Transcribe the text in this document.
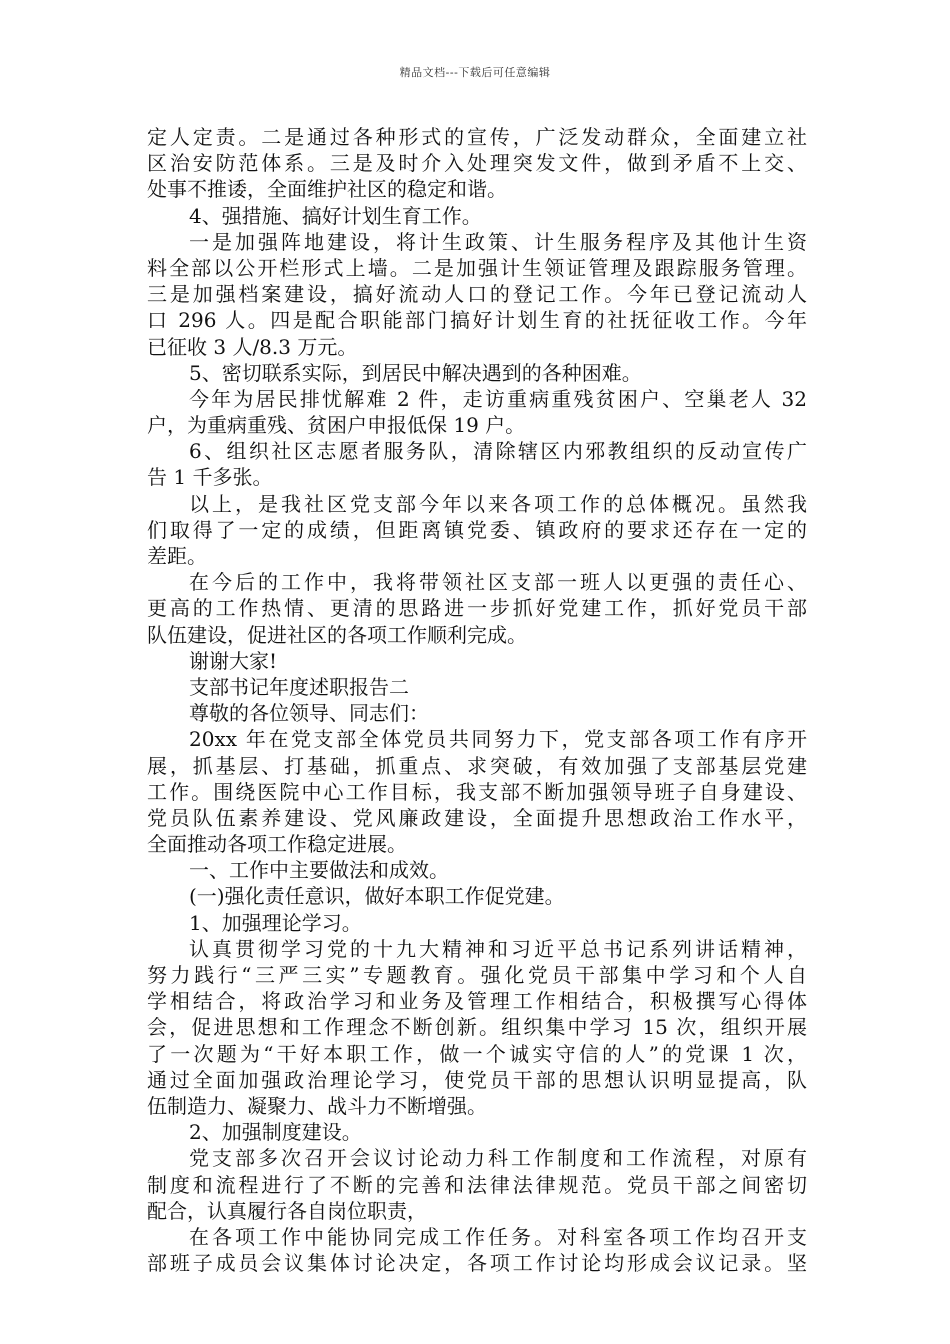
精品文档---下载后可任意编辑
定人定责。二是通过各种形式的宣传，广泛发动群众，全面建立社
区治安防范体系。三是及时介入处理突发文件，做到矛盾不上交、
处事不推诿，全面维护社区的稳定和谐。
4、强措施、搞好计划生育工作。
一是加强阵地建设，将计生政策、计生服务程序及其他计生资
料全部以公开栏形式上墙。二是加强计生领证管理及跟踪服务管理。
三是加强档案建设，搞好流动人口的登记工作。今年已登记流动人
口 296 人。四是配合职能部门搞好计划生育的社抚征收工作。今年
已征收 3 人/8.3 万元。
5、密切联系实际，到居民中解决遇到的各种困难。
今年为居民排忧解难 2 件，走访重病重残贫困户、空巢老人 32
户，为重病重残、贫困户申报低保 19 户。
6、组织社区志愿者服务队，清除辖区内邪教组织的反动宣传广
告 1 千多张。
以上，是我社区党支部今年以来各项工作的总体概况。虽然我
们取得了一定的成绩，但距离镇党委、镇政府的要求还存在一定的
差距。
在今后的工作中，我将带领社区支部一班人以更强的责任心、
更高的工作热情、更清的思路进一步抓好党建工作，抓好党员干部
队伍建设，促进社区的各项工作顺利完成。
谢谢大家!
支部书记年度述职报告二
尊敬的各位领导、同志们：
20xx 年在党支部全体党员共同努力下，党支部各项工作有序开
展，抓基层、打基础，抓重点、求突破，有效加强了支部基层党建
工作。围绕医院中心工作目标，我支部不断加强领导班子自身建设、
党员队伍素养建设、党风廉政建设，全面提升思想政治工作水平，
全面推动各项工作稳定进展。
一、工作中主要做法和成效。
(一)强化责任意识，做好本职工作促党建。
1、加强理论学习。
认真贯彻学习党的十九大精神和习近平总书记系列讲话精神，
努力践行“三严三实”专题教育。强化党员干部集中学习和个人自
学相结合，将政治学习和业务及管理工作相结合，积极撰写心得体
会，促进思想和工作理念不断创新。组织集中学习 15 次，组织开展
了一次题为“干好本职工作，做一个诚实守信的人”的党课 1 次，
通过全面加强政治理论学习，使党员干部的思想认识明显提高，队
伍制造力、凝聚力、战斗力不断增强。
2、加强制度建设。
党支部多次召开会议讨论动力科工作制度和工作流程，对原有
制度和流程进行了不断的完善和法律法律规范。党员干部之间密切
配合，认真履行各自岗位职责，
在各项工作中能协同完成工作任务。对科室各项工作均召开支
部班子成员会议集体讨论决定，各项工作讨论均形成会议记录。坚
